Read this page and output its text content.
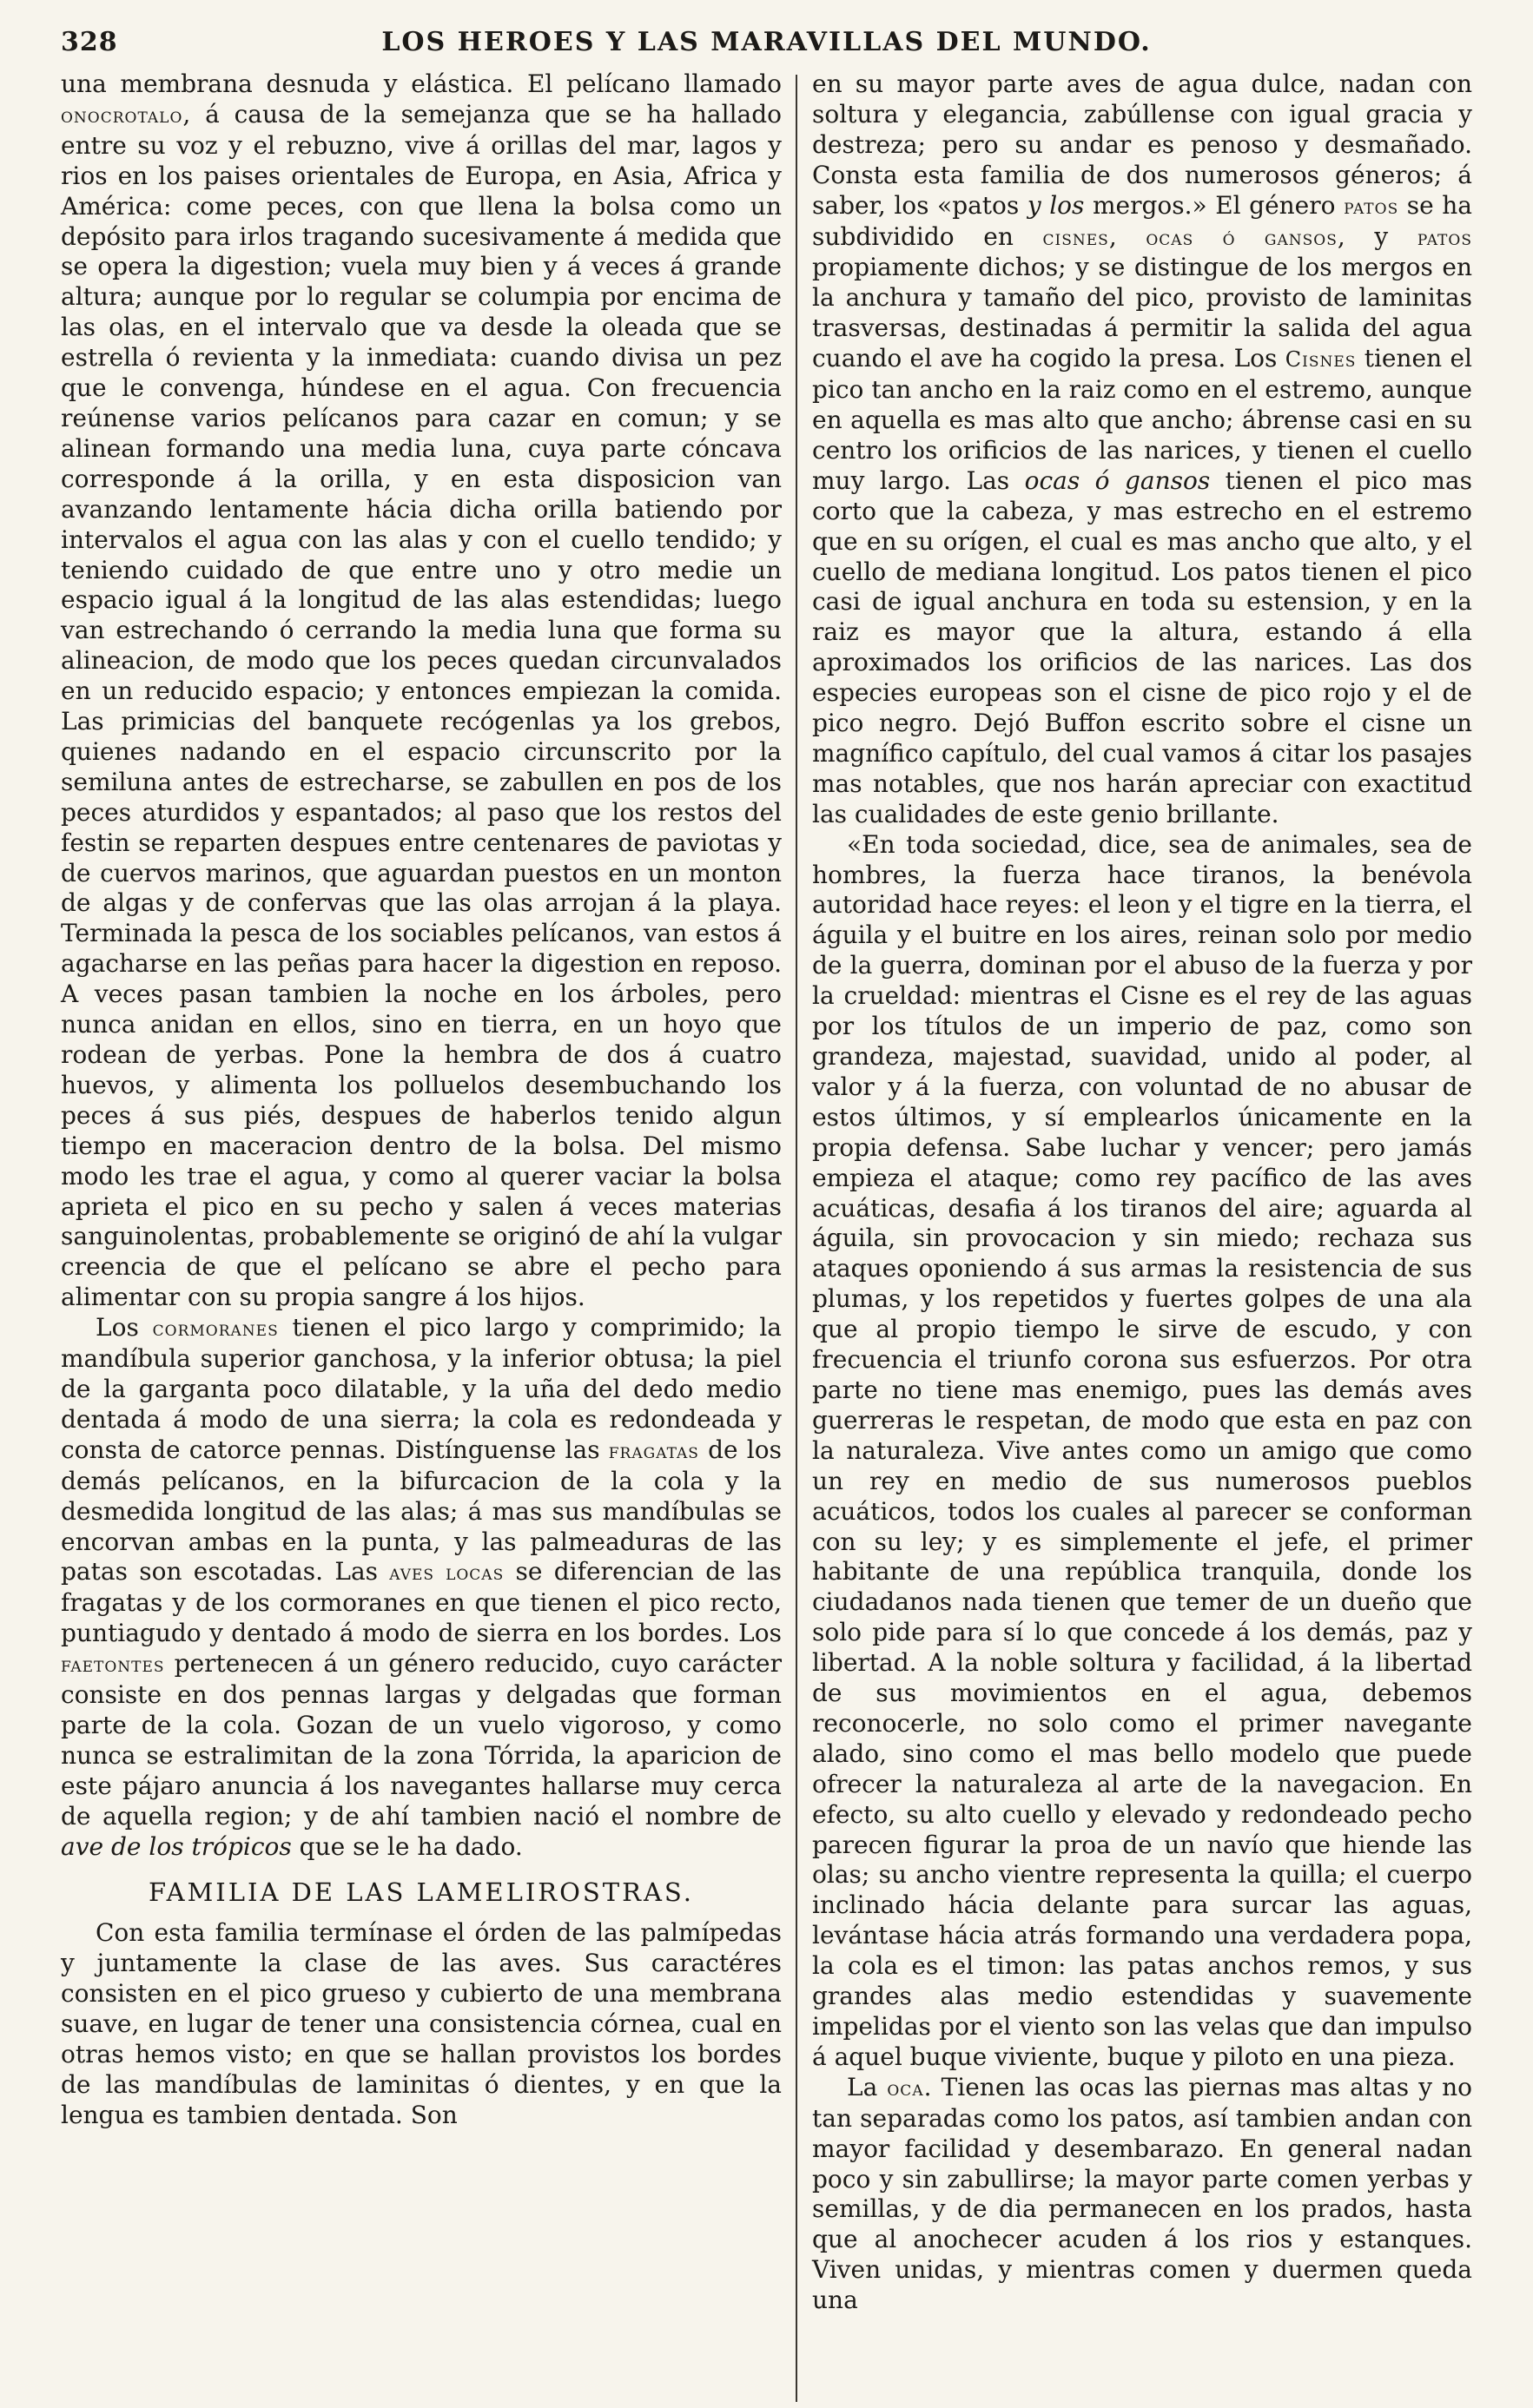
328	LOS HEROES Y LAS MARAVILLAS DEL MUNDO.

una membrana desnuda y elástica. El pelícano llamado onocrotalo, á causa de la semejanza que se ha hallado entre su voz y el rebuzno, vive á orillas del mar, lagos y rios en los paises orientales de Europa, en Asia, Africa y América: come peces, con que llena la bolsa como un depósito para irlos tragando sucesivamente á medida que se opera la digestion; vuela muy bien y á veces á grande altura; aunque por lo regular se columpia por encima de las olas, en el intervalo que va desde la oleada que se estrella ó revienta y la inmediata: cuando divisa un pez que le convenga, húndese en el agua. Con frecuencia reúnense varios pelícanos para cazar en comun; y se alinean formando una media luna, cuya parte cóncava corresponde á la orilla, y en esta disposicion van avanzando lentamente hácia dicha orilla batiendo por intervalos el agua con las alas y con el cuello tendido; y teniendo cuidado de que entre uno y otro medie un espacio igual á la longitud de las alas estendidas; luego van estrechando ó cerrando la media luna que forma su alineacion, de modo que los peces quedan circunvalados en un reducido espacio; y entonces empiezan la comida. Las primicias del banquete recógenlas ya los grebos, quienes nadando en el espacio circunscrito por la semiluna antes de estrecharse, se zabullen en pos de los peces aturdidos y espantados; al paso que los restos del festin se reparten despues entre centenares de paviotas y de cuervos marinos, que aguardan puestos en un monton de algas y de confervas que las olas arrojan á la playa. Terminada la pesca de los sociables pelícanos, van estos á agacharse en las peñas para hacer la digestion en reposo. A veces pasan tambien la noche en los árboles, pero nunca anidan en ellos, sino en tierra, en un hoyo que rodean de yerbas. Pone la hembra de dos á cuatro huevos, y alimenta los polluelos desembuchando los peces á sus piés, despues de haberlos tenido algun tiempo en maceracion dentro de la bolsa. Del mismo modo les trae el agua, y como al querer vaciar la bolsa aprieta el pico en su pecho y salen á veces materias sanguinolentas, probablemente se originó de ahí la vulgar creencia de que el pelícano se abre el pecho para alimentar con su propia sangre á los hijos.

Los cormoranes tienen el pico largo y comprimido; la mandíbula superior ganchosa, y la inferior obtusa; la piel de la garganta poco dilatable, y la uña del dedo medio dentada á modo de una sierra; la cola es redondeada y consta de catorce pennas. Distínguense las fragatas de los demás pelícanos, en la bifurcacion de la cola y la desmedida longitud de las alas; á mas sus mandíbulas se encorvan ambas en la punta, y las palmeaduras de las patas son escotadas. Las aves locas se diferencian de las fragatas y de los cormoranes en que tienen el pico recto, puntiagudo y dentado á modo de sierra en los bordes. Los faetontes pertenecen á un género reducido, cuyo carácter consiste en dos pennas largas y delgadas que forman parte de la cola. Gozan de un vuelo vigoroso, y como nunca se estralimitan de la zona Tórrida, la aparicion de este pájaro anuncia á los navegantes hallarse muy cerca de aquella region; y de ahí tambien nació el nombre de ave de los trópicos que se le ha dado.

FAMILIA DE LAS LAMELIROSTRAS.

Con esta familia termínase el órden de las palmípedas y juntamente la clase de las aves. Sus caractéres consisten en el pico grueso y cubierto de una membrana suave, en lugar de tener una consistencia córnea, cual en otras hemos visto; en que se hallan provistos los bordes de las mandíbulas de laminitas ó dientes, y en que la lengua es tambien dentada. Son

en su mayor parte aves de agua dulce, nadan con soltura y elegancia, zabúllense con igual gracia y destreza; pero su andar es penoso y desmañado. Consta esta familia de dos numerosos géneros; á saber, los «patos y los mergos.» El género patos se ha subdividido en cisnes, ocas ó gansos, y patos propiamente dichos; y se distingue de los mergos en la anchura y tamaño del pico, provisto de laminitas trasversas, destinadas á permitir la salida del agua cuando el ave ha cogido la presa. Los Cisnes tienen el pico tan ancho en la raiz como en el estremo, aunque en aquella es mas alto que ancho; ábrense casi en su centro los orificios de las narices, y tienen el cuello muy largo. Las ocas ó gansos tienen el pico mas corto que la cabeza, y mas estrecho en el estremo que en su orígen, el cual es mas ancho que alto, y el cuello de mediana longitud. Los patos tienen el pico casi de igual anchura en toda su estension, y en la raiz es mayor que la altura, estando á ella aproximados los orificios de las narices. Las dos especies europeas son el cisne de pico rojo y el de pico negro. Dejó Buffon escrito sobre el cisne un magnífico capítulo, del cual vamos á citar los pasajes mas notables, que nos harán apreciar con exactitud las cualidades de este genio brillante.

«En toda sociedad, dice, sea de animales, sea de hombres, la fuerza hace tiranos, la benévola autoridad hace reyes: el leon y el tigre en la tierra, el águila y el buitre en los aires, reinan solo por medio de la guerra, dominan por el abuso de la fuerza y por la crueldad: mientras el Cisne es el rey de las aguas por los títulos de un imperio de paz, como son grandeza, majestad, suavidad, unido al poder, al valor y á la fuerza, con voluntad de no abusar de estos últimos, y sí emplearlos únicamente en la propia defensa. Sabe luchar y vencer; pero jamás empieza el ataque; como rey pacífico de las aves acuáticas, desafia á los tiranos del aire; aguarda al águila, sin provocacion y sin miedo; rechaza sus ataques oponiendo á sus armas la resistencia de sus plumas, y los repetidos y fuertes golpes de una ala que al propio tiempo le sirve de escudo, y con frecuencia el triunfo corona sus esfuerzos. Por otra parte no tiene mas enemigo, pues las demás aves guerreras le respetan, de modo que esta en paz con la naturaleza. Vive antes como un amigo que como un rey en medio de sus numerosos pueblos acuáticos, todos los cuales al parecer se conforman con su ley; y es simplemente el jefe, el primer habitante de una república tranquila, donde los ciudadanos nada tienen que temer de un dueño que solo pide para sí lo que concede á los demás, paz y libertad. A la noble soltura y facilidad, á la libertad de sus movimientos en el agua, debemos reconocerle, no solo como el primer navegante alado, sino como el mas bello modelo que puede ofrecer la naturaleza al arte de la navegacion. En efecto, su alto cuello y elevado y redondeado pecho parecen figurar la proa de un navío que hiende las olas; su ancho vientre representa la quilla; el cuerpo inclinado hácia delante para surcar las aguas, levántase hácia atrás formando una verdadera popa, la cola es el timon: las patas anchos remos, y sus grandes alas medio estendidas y suavemente impelidas por el viento son las velas que dan impulso á aquel buque viviente, buque y piloto en una pieza.

La oca. Tienen las ocas las piernas mas altas y no tan separadas como los patos, así tambien andan con mayor facilidad y desembarazo. En general nadan poco y sin zabullirse; la mayor parte comen yerbas y semillas, y de dia permanecen en los prados, hasta que al anochecer acuden á los rios y estanques. Viven unidas, y mientras comen y duermen queda una
